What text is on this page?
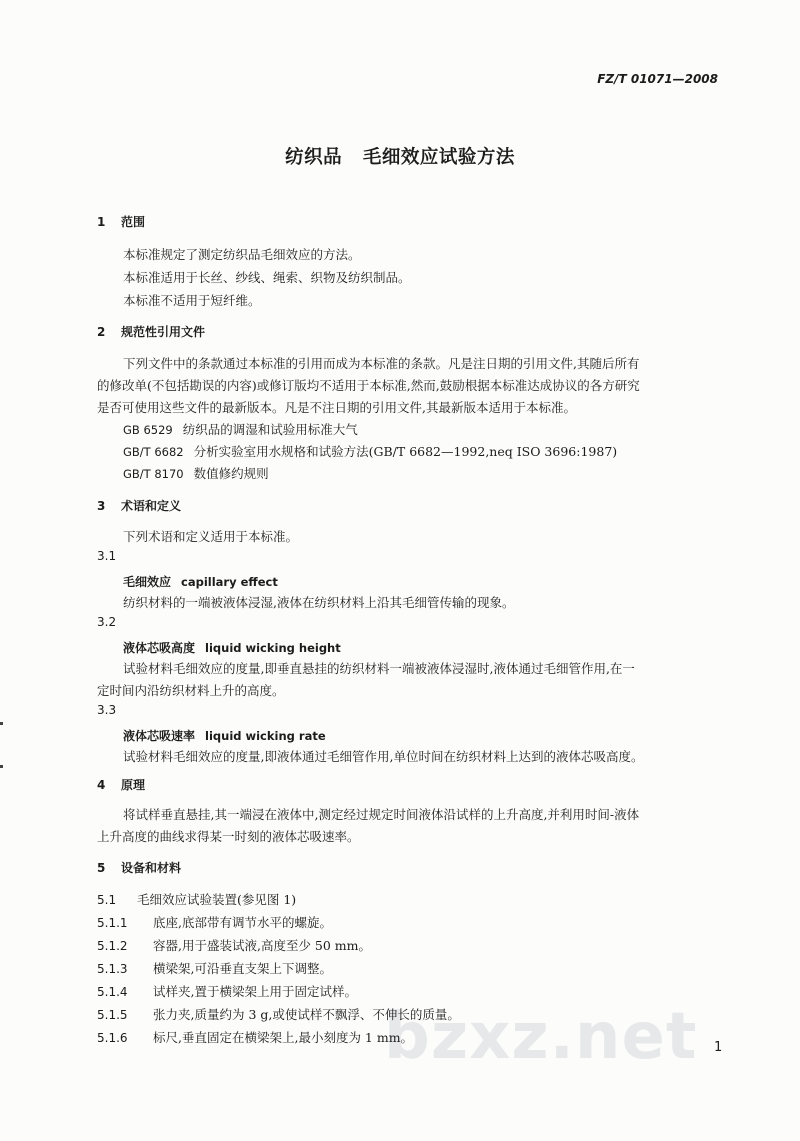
bzxz.net
FZ/T 01071—2008
纺织品   毛细效应试验方法
1 范围
本标准规定了测定纺织品毛细效应的方法。
本标准适用于长丝、纱线、绳索、织物及纺织制品。
本标准不适用于短纤维。
2 规范性引用文件
下列文件中的条款通过本标准的引用而成为本标准的条款。凡是注日期的引用文件,其随后所有
的修改单(不包括勘误的内容)或修订版均不适用于本标准,然而,鼓励根据本标准达成协议的各方研究
是否可使用这些文件的最新版本。凡是不注日期的引用文件,其最新版本适用于本标准。
GB 6529 纺织品的调湿和试验用标准大气
GB/T 6682 分析实验室用水规格和试验方法(GB/T 6682—1992,neq ISO 3696:1987)
GB/T 8170 数值修约规则
3 术语和定义
下列术语和定义适用于本标准。
3.1
毛细效应 capillary effect
纺织材料的一端被液体浸湿,液体在纺织材料上沿其毛细管传输的现象。
3.2
液体芯吸高度 liquid wicking height
试验材料毛细效应的度量,即垂直悬挂的纺织材料一端被液体浸湿时,液体通过毛细管作用,在一
定时间内沿纺织材料上升的高度。
3.3
液体芯吸速率 liquid wicking rate
试验材料毛细效应的度量,即液体通过毛细管作用,单位时间在纺织材料上达到的液体芯吸高度。
4 原理
将试样垂直悬挂,其一端浸在液体中,测定经过规定时间液体沿试样的上升高度,并利用时间-液体
上升高度的曲线求得某一时刻的液体芯吸速率。
5 设备和材料
5.1 毛细效应试验装置(参见图 1)
5.1.1 底座,底部带有调节水平的螺旋。
5.1.2 容器,用于盛装试液,高度至少 50 mm。
5.1.3 横梁架,可沿垂直支架上下调整。
5.1.4 试样夹,置于横梁架上用于固定试样。
5.1.5 张力夹,质量约为 3 g,或使试样不飘浮、不伸长的质量。
5.1.6 标尺,垂直固定在横梁架上,最小刻度为 1 mm。
1
